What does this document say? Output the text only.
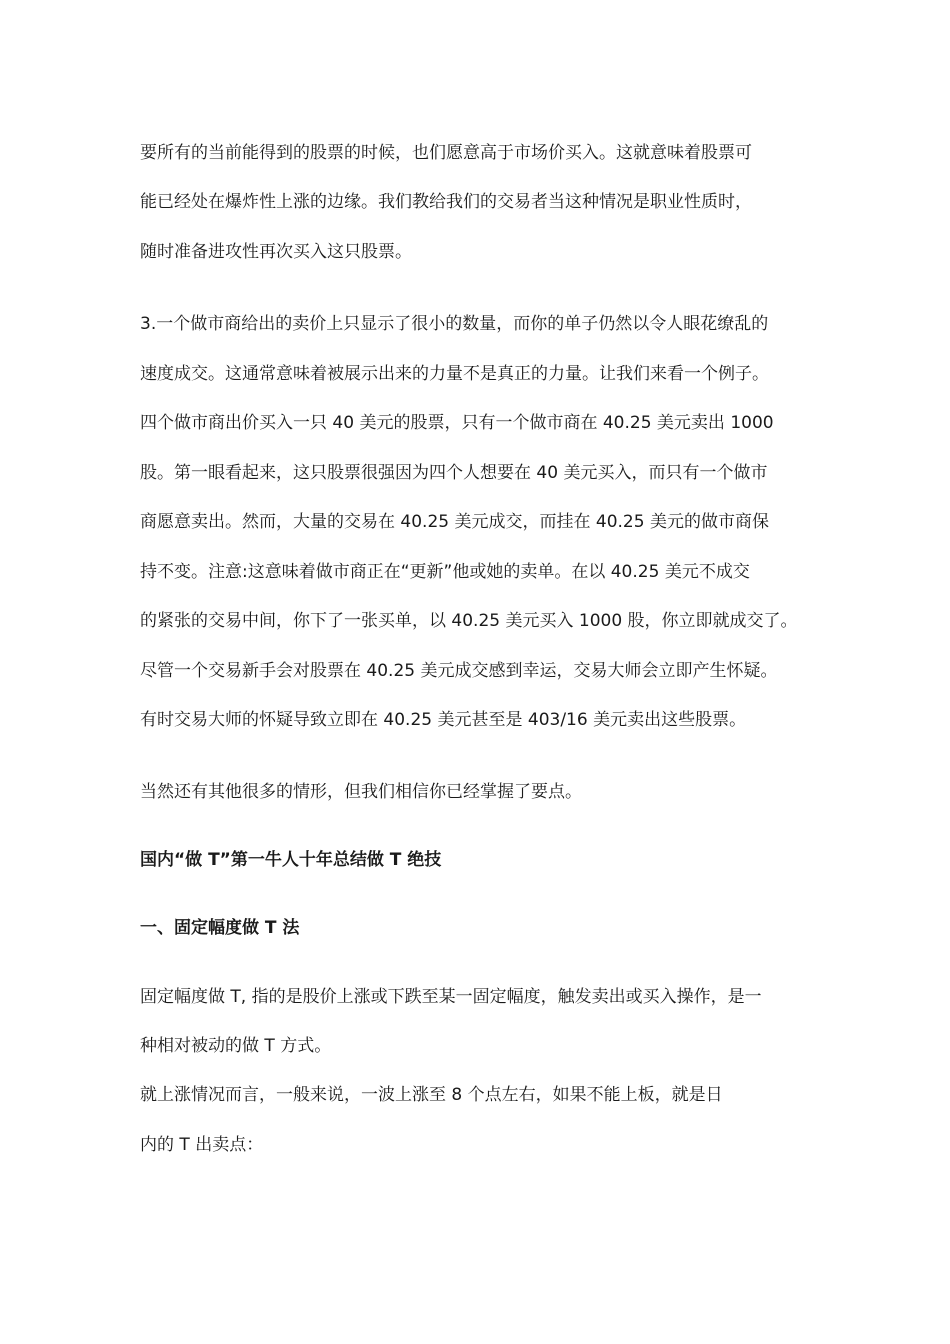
要所有的当前能得到的股票的时候，也们愿意高于市场价买入。这就意味着股票可

能已经处在爆炸性上涨的边缘。我们教给我们的交易者当这种情况是职业性质时，

随时准备进攻性再次买入这只股票。

3.一个做市商给出的卖价上只显示了很小的数量，而你的单子仍然以令人眼花缭乱的

速度成交。这通常意味着被展示出来的力量不是真正的力量。让我们来看一个例子。

四个做市商出价买入一只 40 美元的股票，只有一个做市商在 40.25 美元卖出 1000

股。第一眼看起来，这只股票很强因为四个人想要在 40 美元买入，而只有一个做市

商愿意卖出。然而，大量的交易在 40.25 美元成交，而挂在 40.25 美元的做市商保

持不变。注意:这意味着做市商正在“更新”他或她的卖单。在以 40.25 美元不成交

的紧张的交易中间，你下了一张买单，以 40.25 美元买入 1000 股，你立即就成交了。

尽管一个交易新手会对股票在 40.25 美元成交感到幸运，交易大师会立即产生怀疑。

有时交易大师的怀疑导致立即在 40.25 美元甚至是 403/16 美元卖出这些股票。

当然还有其他很多的情形，但我们相信你已经掌握了要点。

国内“做 T”第一牛人十年总结做 T 绝技

一、固定幅度做 T 法

固定幅度做 T, 指的是股价上涨或下跌至某一固定幅度，触发卖出或买入操作，是一

种相对被动的做 T 方式。

就上涨情况而言，一般来说，一波上涨至 8 个点左右，如果不能上板，就是日

内的 T 出卖点：
